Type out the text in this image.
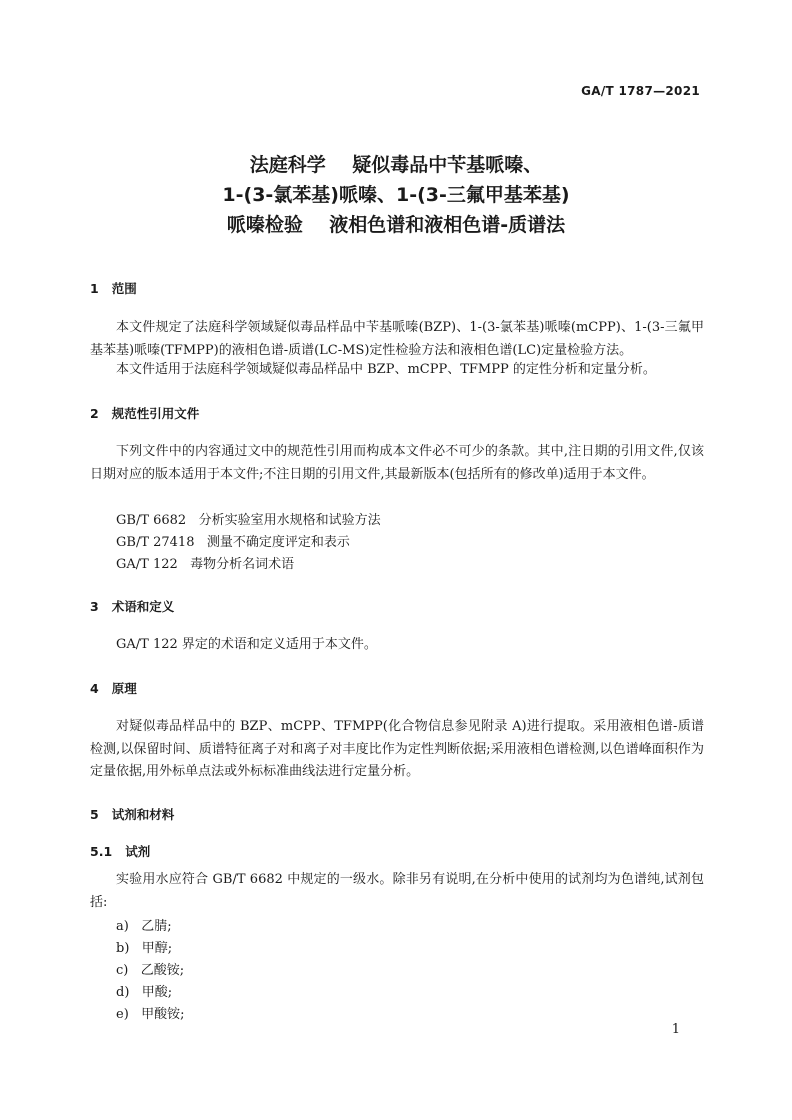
GA/T 1787—2021
法庭科学    疑似毒品中苄基哌嗪、
1-(3-氯苯基)哌嗪、1-(3-三氟甲基苯基)
哌嗪检验    液相色谱和液相色谱-质谱法
1   范围
本文件规定了法庭科学领域疑似毒品样品中苄基哌嗪(BZP)、1-(3-氯苯基)哌嗪(mCPP)、1-(3-三氟甲基苯基)哌嗪(TFMPP)的液相色谱-质谱(LC-MS)定性检验方法和液相色谱(LC)定量检验方法。
本文件适用于法庭科学领域疑似毒品样品中 BZP、mCPP、TFMPP 的定性分析和定量分析。
2   规范性引用文件
下列文件中的内容通过文中的规范性引用而构成本文件必不可少的条款。其中,注日期的引用文件,仅该日期对应的版本适用于本文件;不注日期的引用文件,其最新版本(包括所有的修改单)适用于本文件。
GB/T 6682   分析实验室用水规格和试验方法
GB/T 27418   测量不确定度评定和表示
GA/T 122   毒物分析名词术语
3   术语和定义
GA/T 122 界定的术语和定义适用于本文件。
4   原理
对疑似毒品样品中的 BZP、mCPP、TFMPP(化合物信息参见附录 A)进行提取。采用液相色谱-质谱检测,以保留时间、质谱特征离子对和离子对丰度比作为定性判断依据;采用液相色谱检测,以色谱峰面积作为定量依据,用外标单点法或外标标准曲线法进行定量分析。
5   试剂和材料
5.1   试剂
实验用水应符合 GB/T 6682 中规定的一级水。除非另有说明,在分析中使用的试剂均为色谱纯,试剂包括:
a)   乙腈;
b)   甲醇;
c)   乙酸铵;
d)   甲酸;
e)   甲酸铵;
1
